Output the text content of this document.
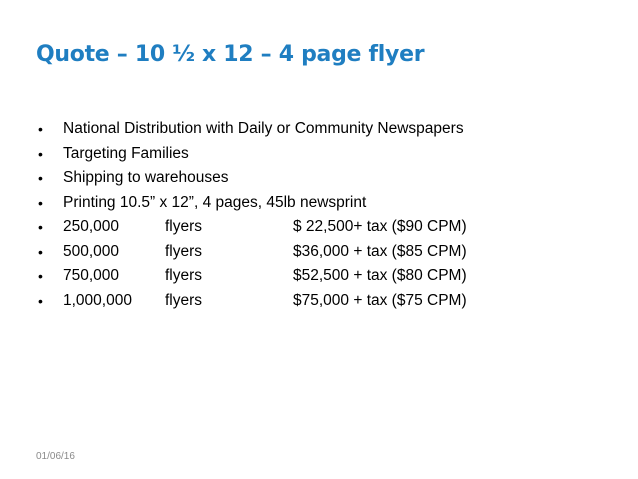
Quote – 10 ½ x 12 – 4 page flyer
• National Distribution with Daily or Community Newspapers
• Targeting Families
• Shipping to warehouses
• Printing 10.5” x 12”, 4 pages, 45lb newsprint
• 250,000	flyers	$ 22,500+ tax ($90 CPM)
• 500,000	flyers	$36,000 + tax ($85 CPM)
• 750,000	flyers	$52,500 + tax ($80 CPM)
• 1,000,000 flyers	$75,000 + tax ($75 CPM)
01/06/16
